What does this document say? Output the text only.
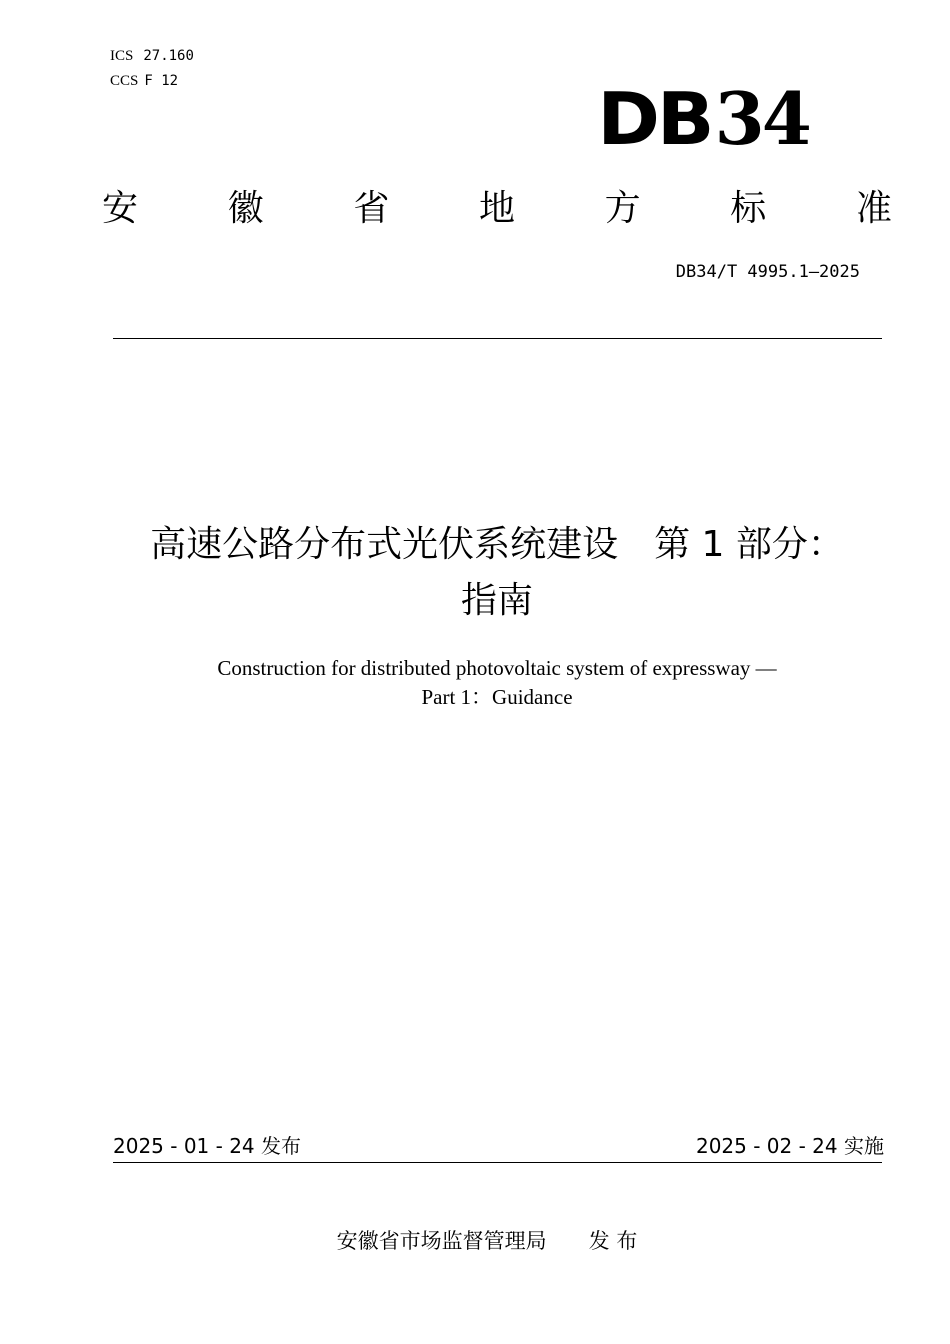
ICS 27.160
CCS F 12	DB34
安 徽 省 地 方 标 准
DB34/T 4995.1—2025
高速公路分布式光伏系统建设　第 1 部分：
指南
Construction for distributed photovoltaic system of expressway —
Part 1：Guidance
2025 - 01 - 24 发布	2025 - 02 - 24 实施
安徽省市场监督管理局　　发 布
